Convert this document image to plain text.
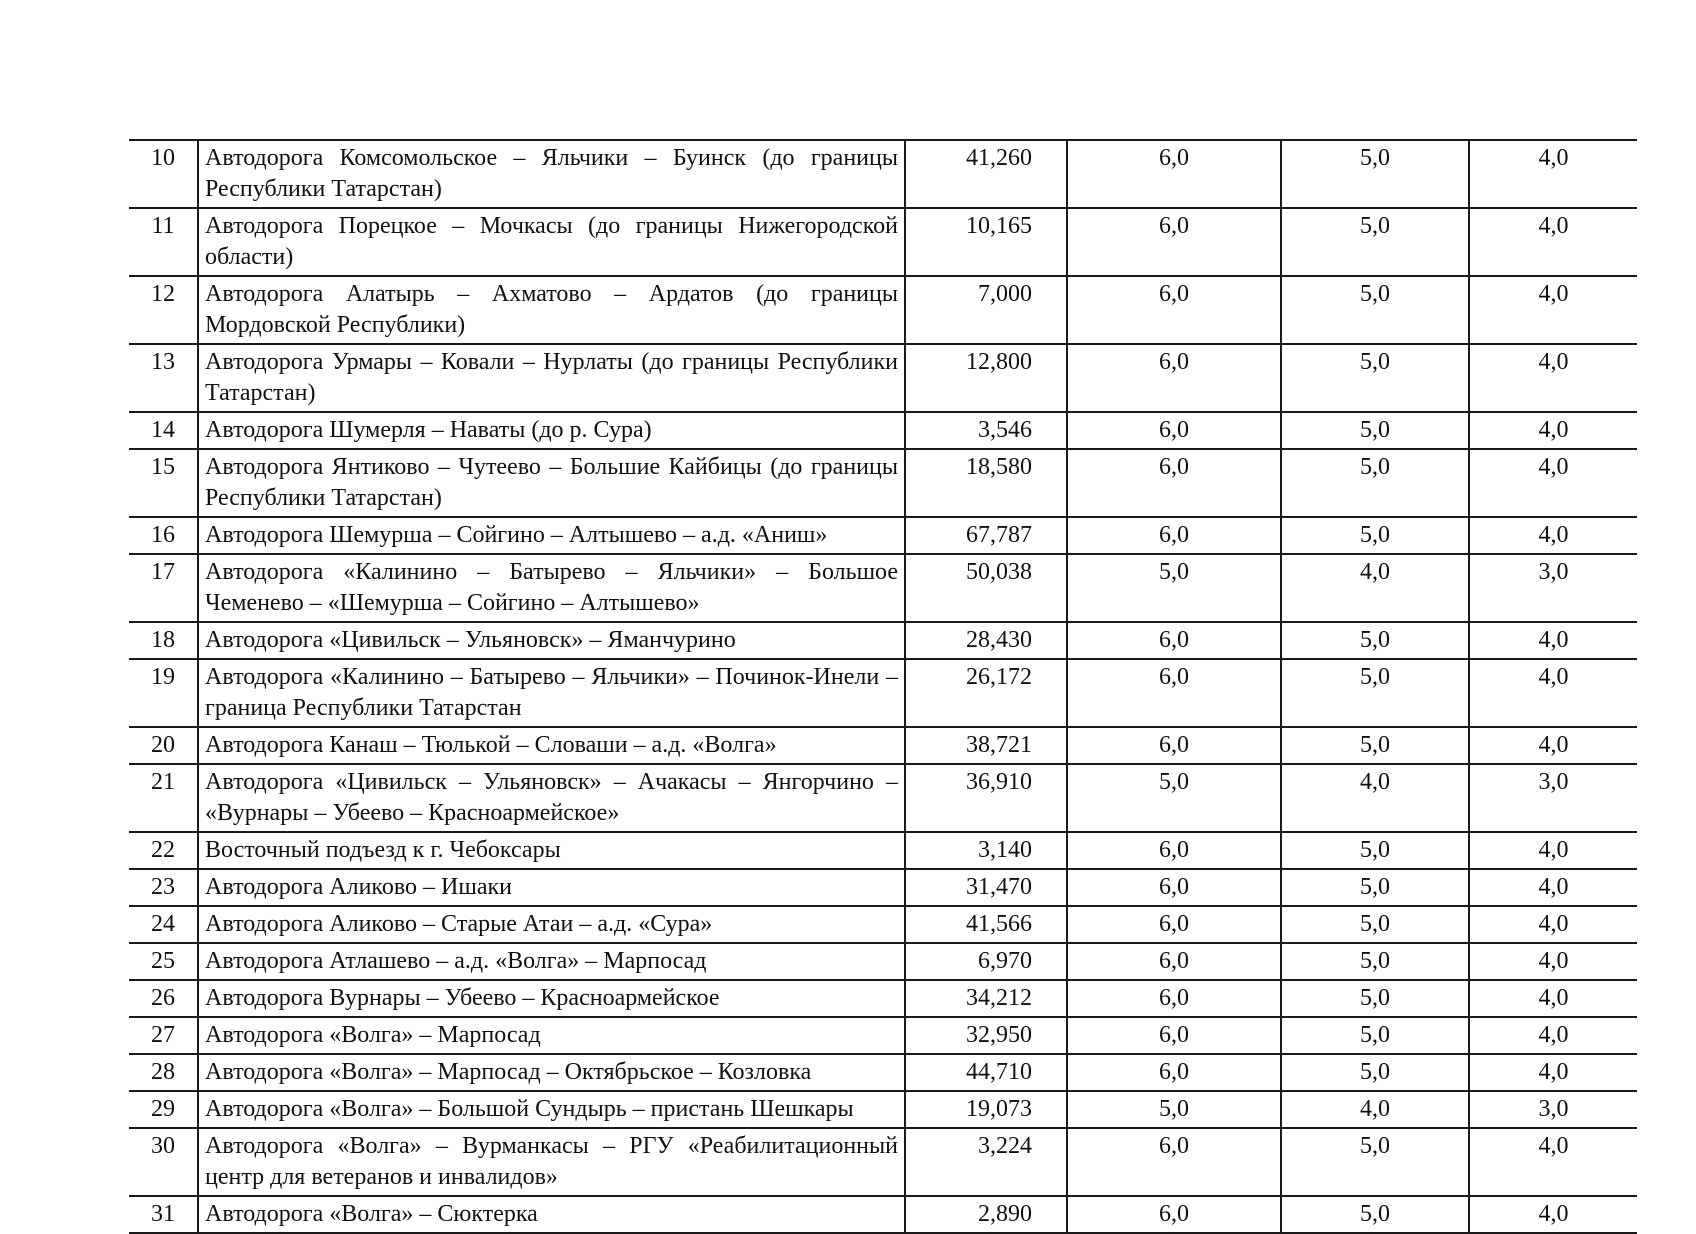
10	Автодорога Комсомольское – Яльчики – Буинск (до границы Республики Татарстан)	41,260	6,0	5,0	4,0
11	Автодорога Порецкое – Мочкасы (до границы Нижегородской области)	10,165	6,0	5,0	4,0
12	Автодорога Алатырь – Ахматово – Ардатов (до границы Мордовской Республики)	7,000	6,0	5,0	4,0
13	Автодорога Урмары – Ковали – Нурлаты (до границы Республики Татарстан)	12,800	6,0	5,0	4,0
14	Автодорога Шумерля – Наваты (до р. Сура)	3,546	6,0	5,0	4,0
15	Автодорога Янтиково – Чутеево – Большие Кайбицы (до границы Республики Татарстан)	18,580	6,0	5,0	4,0
16	Автодорога Шемурша – Сойгино – Алтышево – а.д. «Аниш»	67,787	6,0	5,0	4,0
17	Автодорога «Калинино – Батырево – Яльчики» – Большое Чеменево – «Шемурша – Сойгино – Алтышево»	50,038	5,0	4,0	3,0
18	Автодорога «Цивильск – Ульяновск» – Яманчурино	28,430	6,0	5,0	4,0
19	Автодорога «Калинино – Батырево – Яльчики» – Починок-Инели – граница Республики Татарстан	26,172	6,0	5,0	4,0
20	Автодорога Канаш – Тюлькой – Словаши – а.д. «Волга»	38,721	6,0	5,0	4,0
21	Автодорога «Цивильск – Ульяновск» – Ачакасы – Янгорчино – «Вурнары – Убеево – Красноармейское»	36,910	5,0	4,0	3,0
22	Восточный подъезд к г. Чебоксары	3,140	6,0	5,0	4,0
23	Автодорога Аликово – Ишаки	31,470	6,0	5,0	4,0
24	Автодорога Аликово – Старые Атаи – а.д. «Сура»	41,566	6,0	5,0	4,0
25	Автодорога Атлашево – а.д. «Волга» – Марпосад	6,970	6,0	5,0	4,0
26	Автодорога Вурнары – Убеево – Красноармейское	34,212	6,0	5,0	4,0
27	Автодорога «Волга» – Марпосад	32,950	6,0	5,0	4,0
28	Автодорога «Волга» – Марпосад – Октябрьское – Козловка	44,710	6,0	5,0	4,0
29	Автодорога «Волга» – Большой Сундырь – пристань Шешкары	19,073	5,0	4,0	3,0
30	Автодорога «Волга» – Вурманкасы – РГУ «Реабилитационный центр для ветеранов и инвалидов»	3,224	6,0	5,0	4,0
31	Автодорога «Волга» – Сюктерка	2,890	6,0	5,0	4,0
